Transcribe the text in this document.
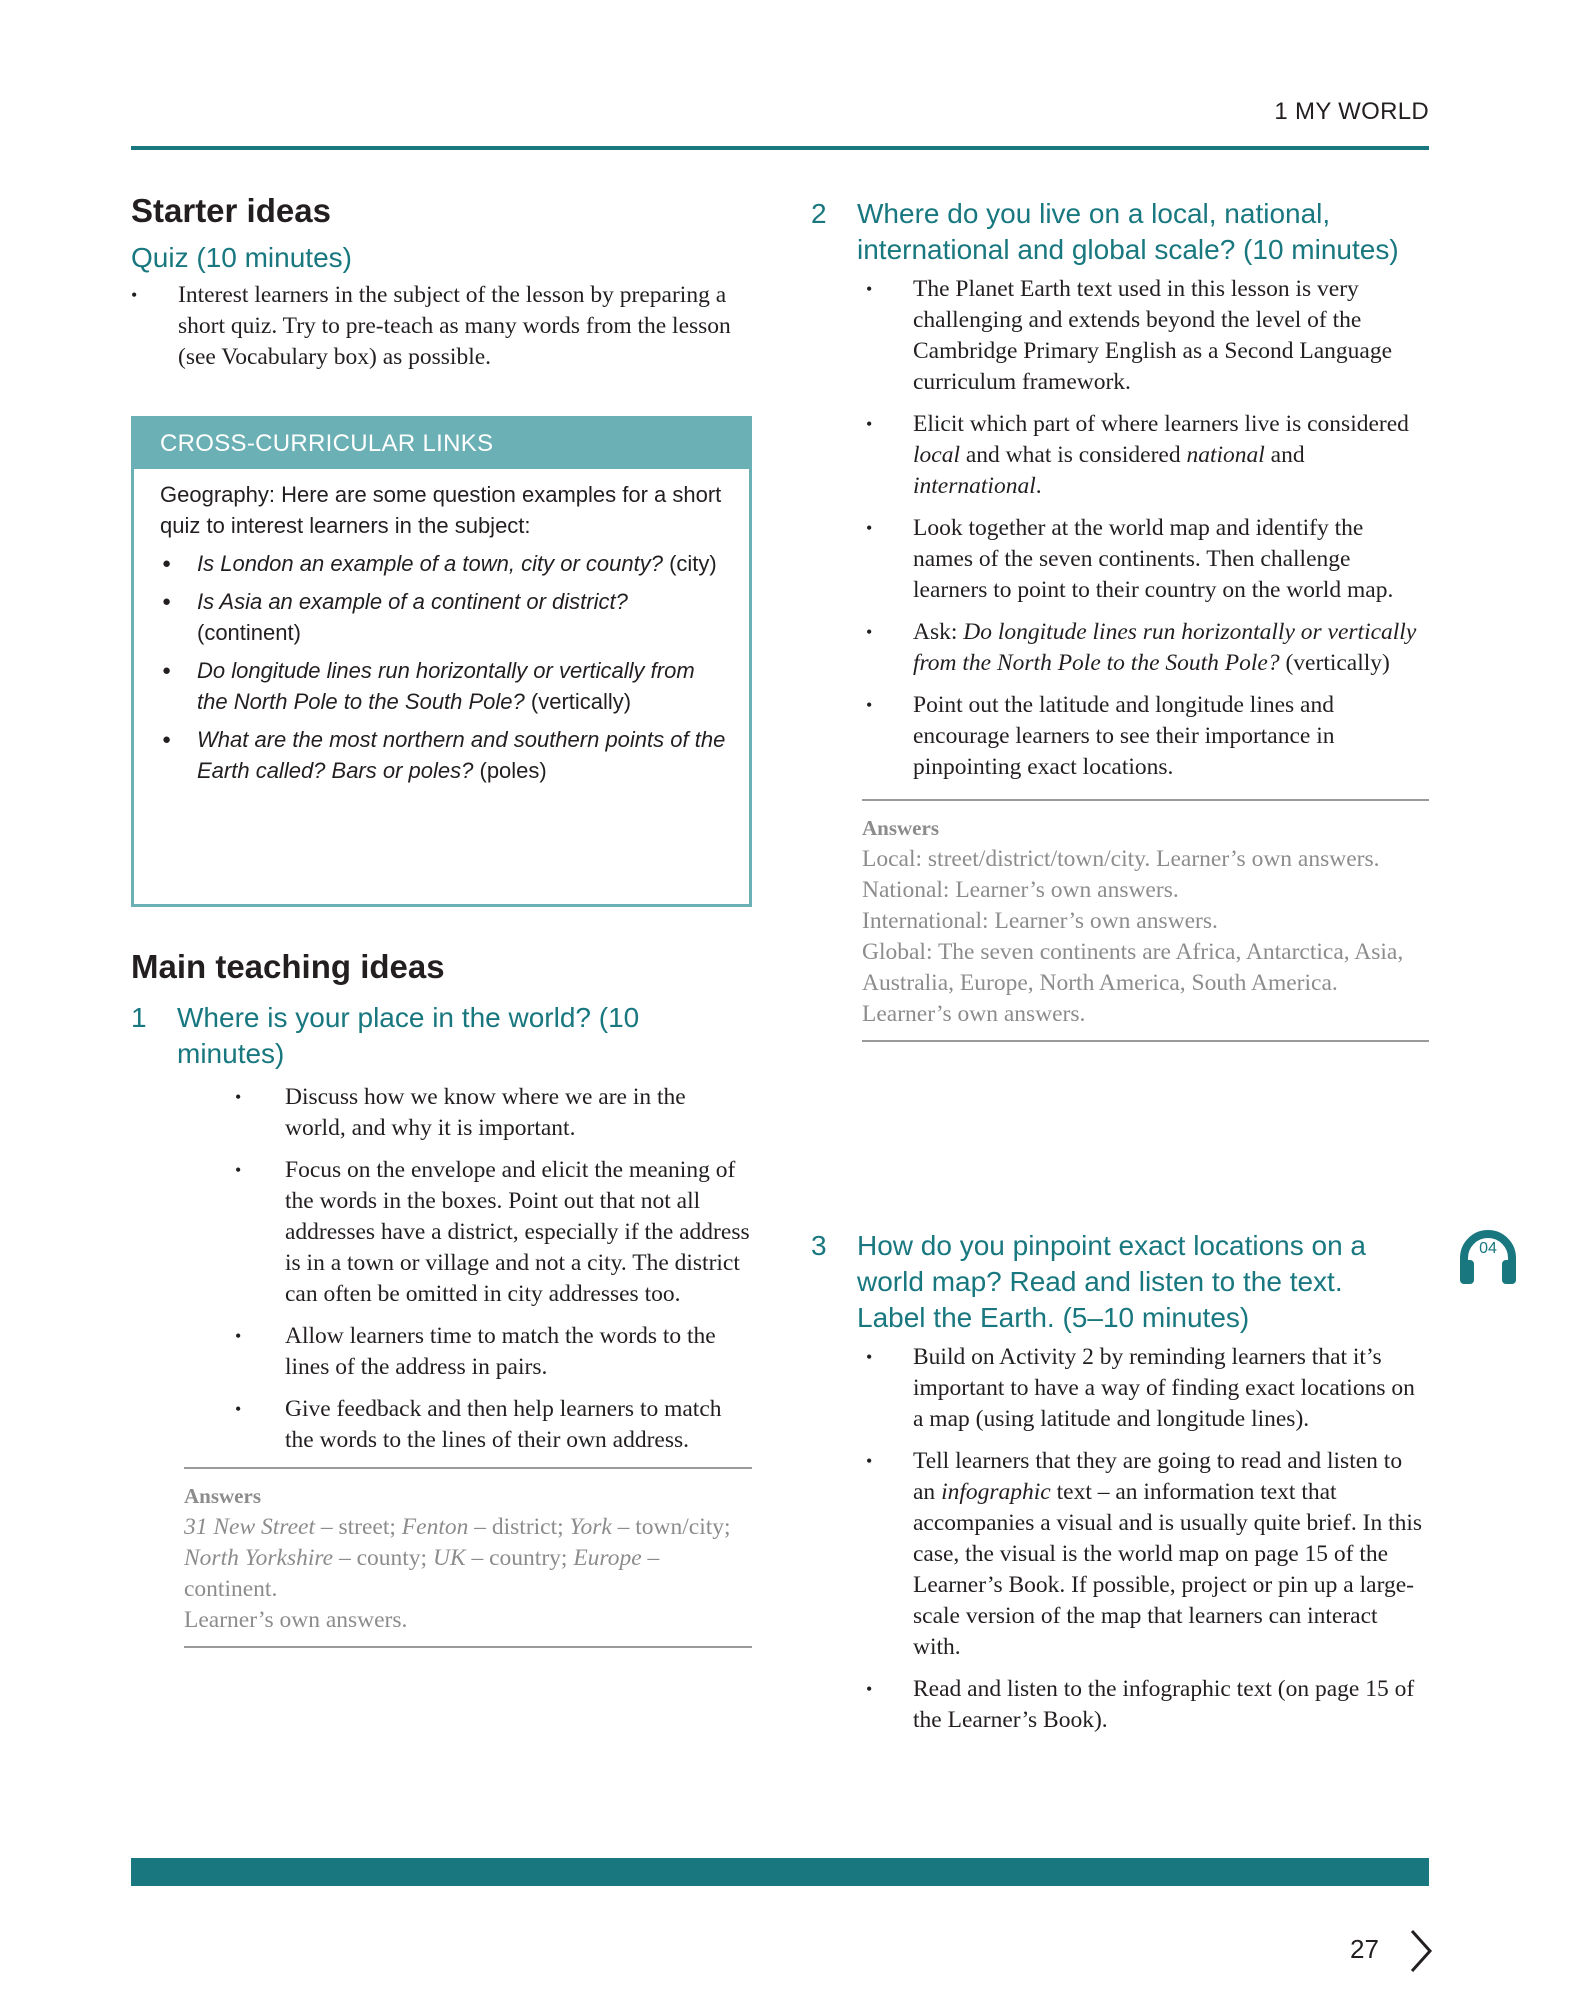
1 MY WORLD
Starter ideas
Quiz (10 minutes)
• Interest learners in the subject of the lesson by preparing a short quiz. Try to pre-teach as many words from the lesson (see Vocabulary box) as possible.
CROSS-CURRICULAR LINKS
Geography: Here are some question examples for a short quiz to interest learners in the subject:
● Is London an example of a town, city or county? (city)
● Is Asia an example of a continent or district? (continent)
● Do longitude lines run horizontally or vertically from the North Pole to the South Pole? (vertically)
● What are the most northern and southern points of the Earth called? Bars or poles? (poles)
Main teaching ideas
1	Where is your place in the world? (10 minutes)
• Discuss how we know where we are in the world, and why it is important.
• Focus on the envelope and elicit the meaning of the words in the boxes. Point out that not all addresses have a district, especially if the address is in a town or village and not a city. The district can often be omitted in city addresses too.
• Allow learners time to match the words to the lines of the address in pairs.
• Give feedback and then help learners to match the words to the lines of their own address.
Answers
31 New Street – street; Fenton – district; York – town/city; North Yorkshire – county; UK – country; Europe – continent.
Learner’s own answers.
2	Where do you live on a local, national, international and global scale? (10 minutes)
• The Planet Earth text used in this lesson is very challenging and extends beyond the level of the Cambridge Primary English as a Second Language curriculum framework.
• Elicit which part of where learners live is considered local and what is considered national and international.
• Look together at the world map and identify the names of the seven continents. Then challenge learners to point to their country on the world map.
• Ask: Do longitude lines run horizontally or vertically from the North Pole to the South Pole? (vertically)
• Point out the latitude and longitude lines and encourage learners to see their importance in pinpointing exact locations.
Answers
Local: street/district/town/city. Learner’s own answers.
National: Learner’s own answers.
International: Learner’s own answers.
Global: The seven continents are Africa, Antarctica, Asia, Australia, Europe, North America, South America. Learner’s own answers.
3	How do you pinpoint exact locations on a world map? Read and listen to the text. Label the Earth. (5–10 minutes)
• Build on Activity 2 by reminding learners that it’s important to have a way of finding exact locations on a map (using latitude and longitude lines).
• Tell learners that they are going to read and listen to an infographic text – an information text that accompanies a visual and is usually quite brief. In this case, the visual is the world map on page 15 of the Learner’s Book. If possible, project or pin up a large-scale version of the map that learners can interact with.
• Read and listen to the infographic text (on page 15 of the Learner’s Book).
04
27
